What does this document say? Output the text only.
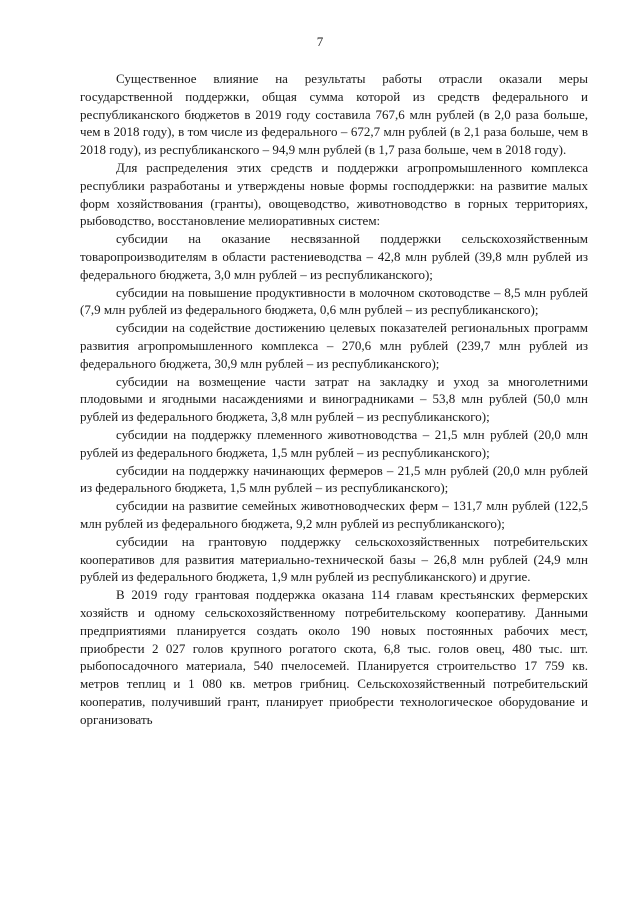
7

Существенное влияние на результаты работы отрасли оказали меры государственной поддержки, общая сумма которой из средств федерального и республиканского бюджетов в 2019 году составила 767,6 млн рублей (в 2,0 раза больше, чем в 2018 году), в том числе из федерального – 672,7 млн рублей (в 2,1 раза больше, чем в 2018 году), из республиканского – 94,9 млн рублей (в 1,7 раза больше, чем в 2018 году).

Для распределения этих средств и поддержки агропромышленного комплекса республики разработаны и утверждены новые формы господдержки: на развитие малых форм хозяйствования (гранты), овощеводство, животноводство в горных территориях, рыбоводство, восстановление мелиоративных систем:

субсидии на оказание несвязанной поддержки сельскохозяйственным товаропроизводителям в области растениеводства – 42,8 млн рублей (39,8 млн рублей из федерального бюджета, 3,0 млн рублей – из республиканского);

субсидии на повышение продуктивности в молочном скотоводстве – 8,5 млн рублей (7,9 млн рублей из федерального бюджета, 0,6 млн рублей – из республиканского);

субсидии на содействие достижению целевых показателей региональных программ развития агропромышленного комплекса – 270,6 млн рублей (239,7 млн рублей из федерального бюджета, 30,9 млн рублей – из республиканского);

субсидии на возмещение части затрат на закладку и уход за многолетними плодовыми и ягодными насаждениями и виноградниками – 53,8 млн рублей (50,0 млн рублей из федерального бюджета, 3,8 млн рублей – из республиканского);

субсидии на поддержку племенного животноводства – 21,5 млн рублей (20,0 млн рублей из федерального бюджета, 1,5 млн рублей – из республиканского);

субсидии на поддержку начинающих фермеров – 21,5 млн рублей (20,0 млн рублей из федерального бюджета, 1,5 млн рублей – из республиканского);

субсидии на развитие семейных животноводческих ферм – 131,7 млн рублей (122,5 млн рублей из федерального бюджета, 9,2 млн рублей из республиканского);

субсидии на грантовую поддержку сельскохозяйственных потребительских кооперативов для развития материально-технической базы – 26,8 млн рублей (24,9 млн рублей из федерального бюджета, 1,9 млн рублей из республиканского) и другие.

В 2019 году грантовая поддержка оказана 114 главам крестьянских фермерских хозяйств и одному сельскохозяйственному потребительскому кооперативу. Данными предприятиями планируется создать около 190 новых постоянных рабочих мест, приобрести 2 027 голов крупного рогатого скота, 6,8 тыс. голов овец, 480 тыс. шт. рыбопосадочного материала, 540 пчелосемей. Планируется строительство 17 759 кв. метров теплиц и 1 080 кв. метров грибниц. Сельскохозяйственный потребительский кооператив, получивший грант, планирует приобрести технологическое оборудование и организовать
